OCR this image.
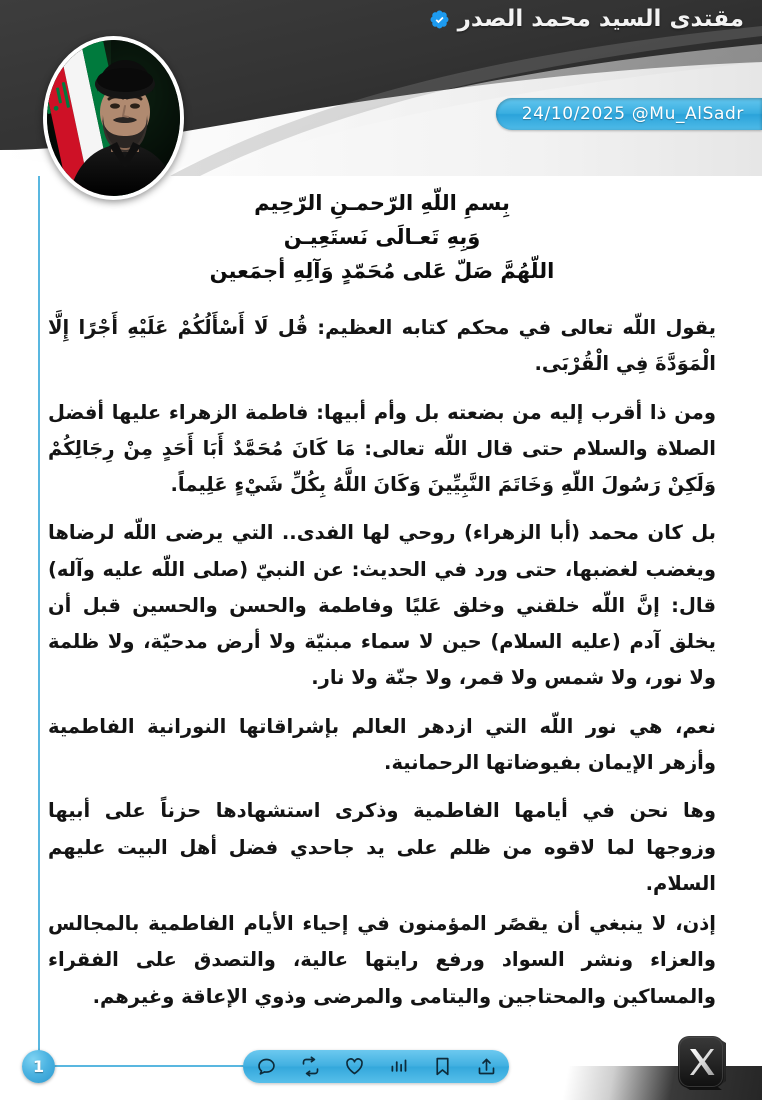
مقتدى السيد محمد الصدر
24/10/2025 @Mu_AlSadr
بِسمِ اللّهِ الرّحمـنِ الرّحِيم
وَبِهِ تَعـالَى نَستَعِيـن
اللّهُمَّ صَلّ عَلى مُحَمّدٍ وَآلِهِ أجمَعين

يقول اللّه تعالى في محكم كتابه العظيم: قُل لَا أَسْأَلُكُمْ عَلَيْهِ أَجْرًا إِلَّا الْمَوَدَّةَ فِي الْقُرْبَى.

ومن ذا أقرب إليه من بضعته بل وأم أبيها: فاطمة الزهراء عليها أفضل الصلاة والسلام حتى قال اللّه تعالى: مَا كَانَ مُحَمَّدٌ أَبَا أَحَدٍ مِنْ رِجَالِكُمْ وَلَكِنْ رَسُولَ اللّهِ وَخَاتَمَ النَّبِيِّينَ وَكَانَ اللَّهُ بِكُلِّ شَيْءٍ عَلِيماً.

بل كان محمد (أبا الزهراء) روحي لها الفدى.. التي يرضى اللّه لرضاها ويغضب لغضبها، حتى ورد في الحديث: عن النبيّ (صلى اللّه عليه وآله) قال: إنَّ اللّه خلقني وخلق عَليًا وفاطمة والحسن والحسين قبل أن يخلق آدم (عليه السلام) حين لا سماء مبنيّة ولا أرض مدحيّة، ولا ظلمة ولا نور، ولا شمس ولا قمر، ولا جنّة ولا نار.

نعم، هي نور اللّه التي ازدهر العالم بإشراقاتها النورانية الفاطمية وأزهر الإيمان بفيوضاتها الرحمانية.

وها نحن في أيامها الفاطمية وذكرى استشهادها حزناً على أبيها وزوجها لما لاقوه من ظلم على يد جاحدي فضل أهل البيت عليهم السلام.

إذن، لا ينبغي أن يقصًر المؤمنون في إحياء الأيام الفاطمية بالمجالس والعزاء ونشر السواد ورفع رايتها عالية، والتصدق على الفقراء والمساكين والمحتاجين واليتامى والمرضى وذوي الإعاقة وغيرهم.

1
